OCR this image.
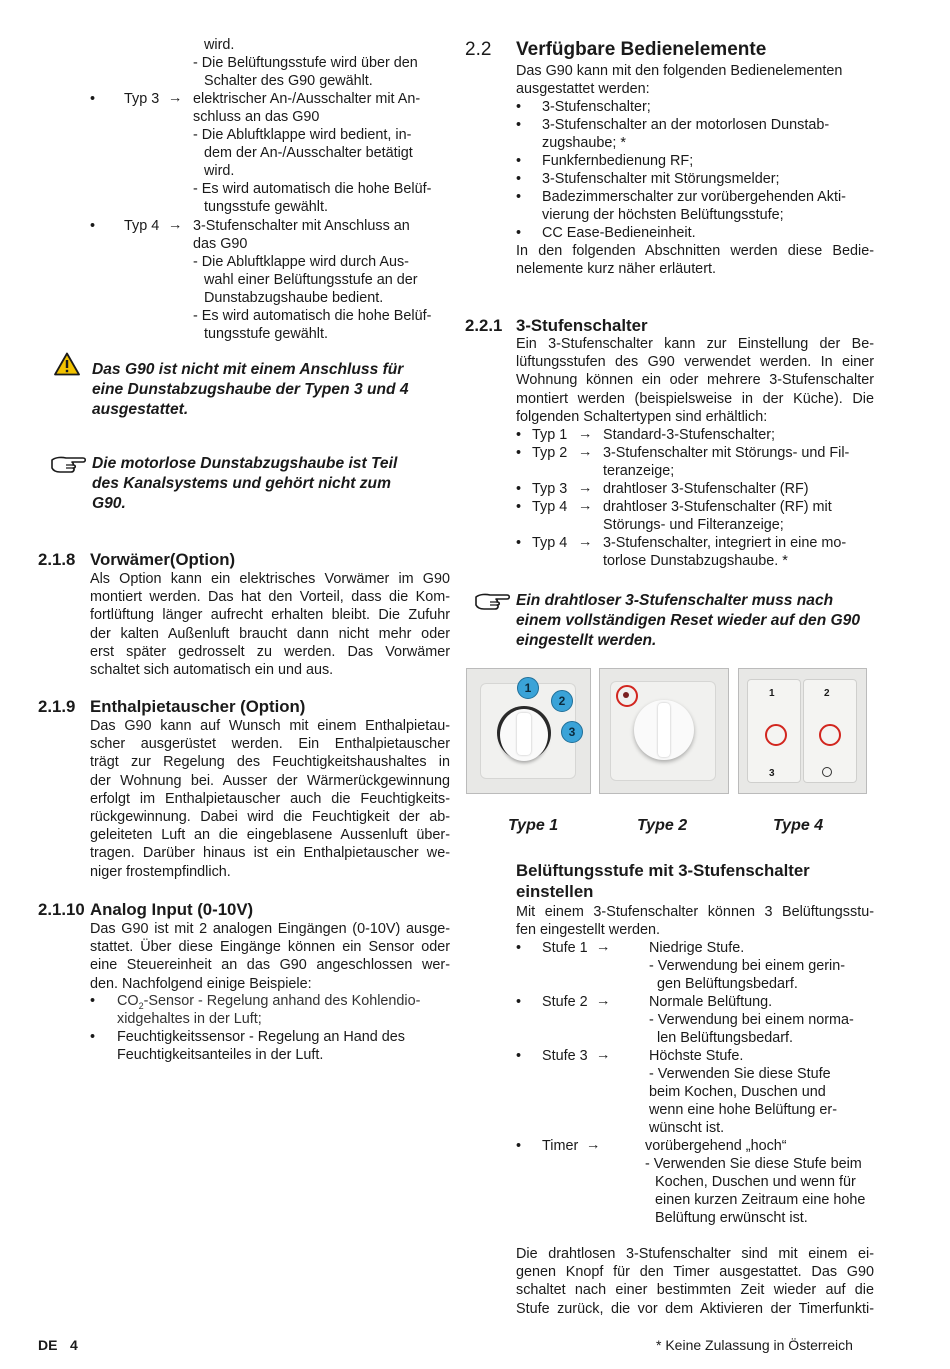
wird.
- Die Belüftungsstufe wird über den
Schalter des G90 gewählt.
• Typ 3 → elektrischer An-/Ausschalter mit An-
schluss an das G90
- Die Abluftklappe wird bedient, in-
dem der An-/Ausschalter betätigt
wird.
- Es wird automatisch die hohe Belüf-
tungsstufe gewählt.
• Typ 4 → 3-Stufenschalter mit Anschluss an
das G90
- Die Abluftklappe wird durch Aus-
wahl einer Belüftungsstufe an der
Dunstabzugshaube bedient.
- Es wird automatisch die hohe Belüf-
tungsstufe gewählt.
Das G90 ist nicht mit einem Anschluss für
eine Dunstabzugshaube der Typen 3 und 4
ausgestattet.
Die motorlose Dunstabzugshaube ist Teil
des Kanalsystems und gehört nicht zum
G90.
2.1.8 Vorwämer(Option)
Als Option kann ein elektrisches Vorwämer im G90
montiert werden. Das hat den Vorteil, dass die Kom-
fortlüftung länger aufrecht erhalten bleibt. Die Zufuhr
der kalten Außenluft braucht dann nicht mehr oder
erst später gedrosselt zu werden. Das Vorwämer
schaltet sich automatisch ein und aus.
2.1.9 Enthalpietauscher (Option)
Das G90 kann auf Wunsch mit einem Enthalpietau-
scher ausgerüstet werden. Ein Enthalpietauscher
trägt zur Regelung des Feuchtigkeitshaushaltes in
der Wohnung bei. Ausser der Wärmerückgewinnung
erfolgt im Enthalpietauscher auch die Feuchtigkeits-
rückgewinnung. Dabei wird die Feuchtigkeit der ab-
geleiteten Luft an die eingeblasene Aussenluft über-
tragen. Darüber hinaus ist ein Enthalpietauscher we-
niger frostempfindlich.
2.1.10 Analog Input (0-10V)
Das G90 ist mit 2 analogen Eingängen (0-10V) ausge-
stattet. Über diese Eingänge können ein Sensor oder
eine Steuereinheit an das G90 angeschlossen wer-
den. Nachfolgend einige Beispiele:
• $CO_2$-Sensor - Regelung anhand des Kohlendio-
xidgehaltes in der Luft;
• Feuchtigkeitssensor - Regelung an Hand des
Feuchtigkeitsanteiles in der Luft.
DE 4
2.2 Verfügbare Bedienelemente
Das G90 kann mit den folgenden Bedienelementen
ausgestattet werden:
• 3-Stufenschalter;
• 3-Stufenschalter an der motorlosen Dunstab-
zugshaube; *
• Funkfernbedienung RF;
• 3-Stufenschalter mit Störungsmelder;
• Badezimmerschalter zur vorübergehenden Akti-
vierung der höchsten Belüftungsstufe;
• CC Ease-Bedieneinheit.
In den folgenden Abschnitten werden diese Bedie-
nelemente kurz näher erläutert.
2.2.1 3-Stufenschalter
Ein 3-Stufenschalter kann zur Einstellung der Be-
lüftungsstufen des G90 verwendet werden. In einer
Wohnung können ein oder mehrere 3-Stufenschalter
montiert werden (beispielsweise in der Küche). Die
folgenden Schaltertypen sind erhältlich:
• Typ 1 → Standard-3-Stufenschalter;
• Typ 2 → 3-Stufenschalter mit Störungs- und Fil-
teranzeige;
• Typ 3 → drahtloser 3-Stufenschalter (RF)
• Typ 4 → drahtloser 3-Stufenschalter (RF) mit
Störungs- und Filteranzeige;
• Typ 4 → 3-Stufenschalter, integriert in eine mo-
torlose Dunstabzugshaube. *
Ein drahtloser 3-Stufenschalter muss nach
einem vollständigen Reset wieder auf den G90
eingestellt werden.
1
2
3
1	2
3
Type 1	Type 2	Type 4
Belüftungsstufe mit 3-Stufenschalter
einstellen
Mit einem 3-Stufenschalter können 3 Belüftungsstu-
fen eingestellt werden.
• Stufe 1 →	Niedrige Stufe.
- Verwendung bei einem gerin-
gen Belüftungsbedarf.
• Stufe 2 →	Normale Belüftung.
- Verwendung bei einem norma-
len Belüftungsbedarf.
• Stufe 3 →	Höchste Stufe.
- Verwenden Sie diese Stufe
beim Kochen, Duschen und
wenn eine hohe Belüftung er-
wünscht ist.
• Timer →	vorübergehend „hoch“
- Verwenden Sie diese Stufe beim
Kochen, Duschen und wenn für
einen kurzen Zeitraum eine hohe
Belüftung erwünscht ist.
Die drahtlosen 3-Stufenschalter sind mit einem ei-
genen Knopf für den Timer ausgestattet. Das G90
schaltet nach einer bestimmten Zeit wieder auf die
Stufe zurück, die vor dem Aktivieren der Timerfunkti-
* Keine Zulassung in Österreich
